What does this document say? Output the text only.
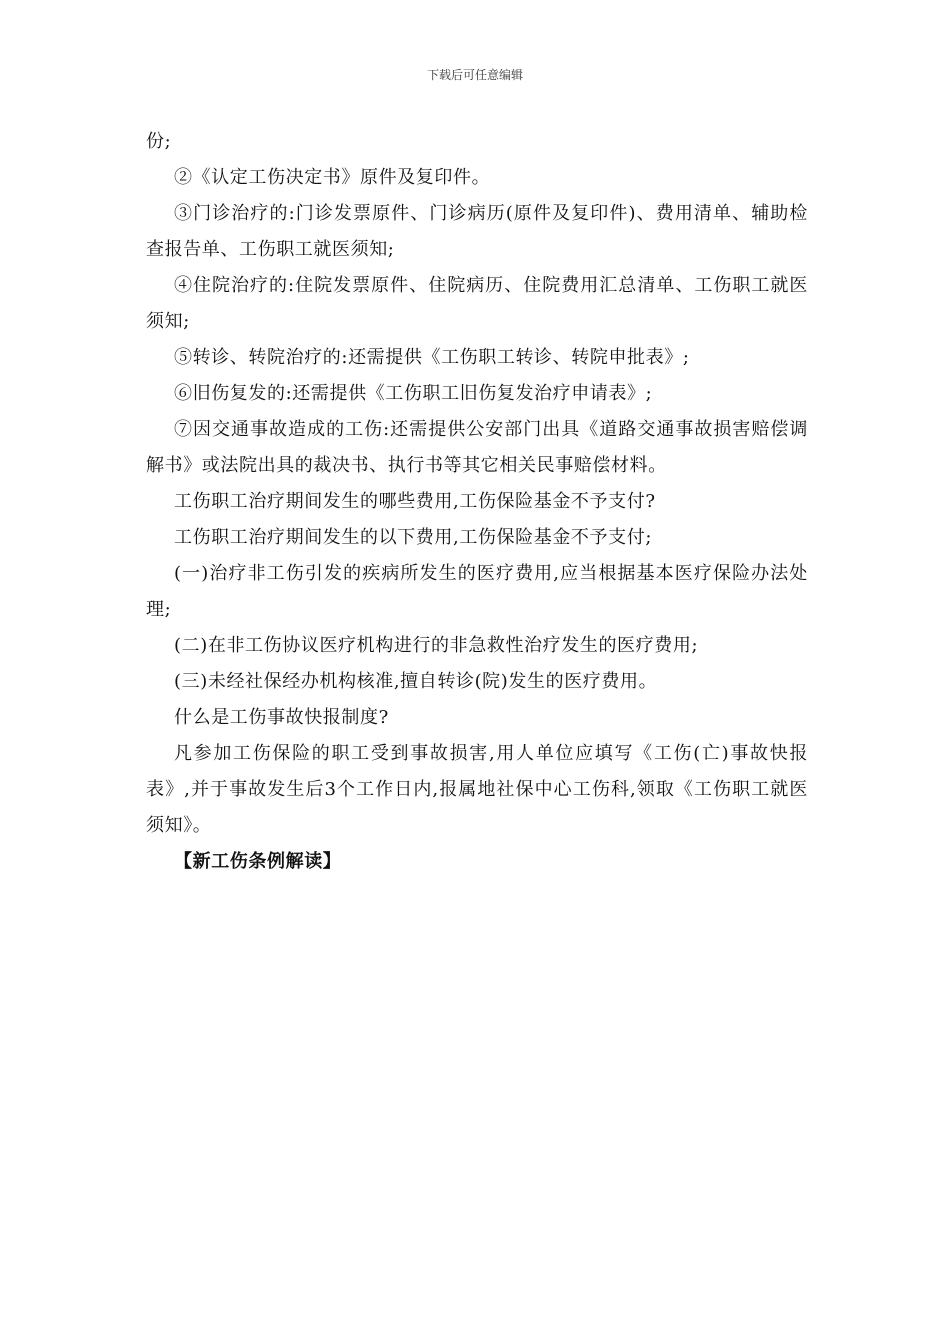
下载后可任意编辑

份;

②《认定工伤决定书》原件及复印件。

③门诊治疗的:门诊发票原件、门诊病历(原件及复印件)、费用清单、辅助检查报告单、工伤职工就医须知;

④住院治疗的:住院发票原件、住院病历、住院费用汇总清单、工伤职工就医须知;

⑤转诊、转院治疗的:还需提供《工伤职工转诊、转院申批表》;

⑥旧伤复发的:还需提供《工伤职工旧伤复发治疗申请表》;

⑦因交通事故造成的工伤:还需提供公安部门出具《道路交通事故损害赔偿调解书》或法院出具的裁决书、执行书等其它相关民事赔偿材料。

工伤职工治疗期间发生的哪些费用,工伤保险基金不予支付?

工伤职工治疗期间发生的以下费用,工伤保险基金不予支付;

(一)治疗非工伤引发的疾病所发生的医疗费用,应当根据基本医疗保险办法处理;

(二)在非工伤协议医疗机构进行的非急救性治疗发生的医疗费用;

(三)未经社保经办机构核准,擅自转诊(院)发生的医疗费用。

什么是工伤事故快报制度?

凡参加工伤保险的职工受到事故损害,用人单位应填写《工伤(亡)事故快报表》,并于事故发生后3个工作日内,报属地社保中心工伤科,领取《工伤职工就医须知》。

【新工伤条例解读】
